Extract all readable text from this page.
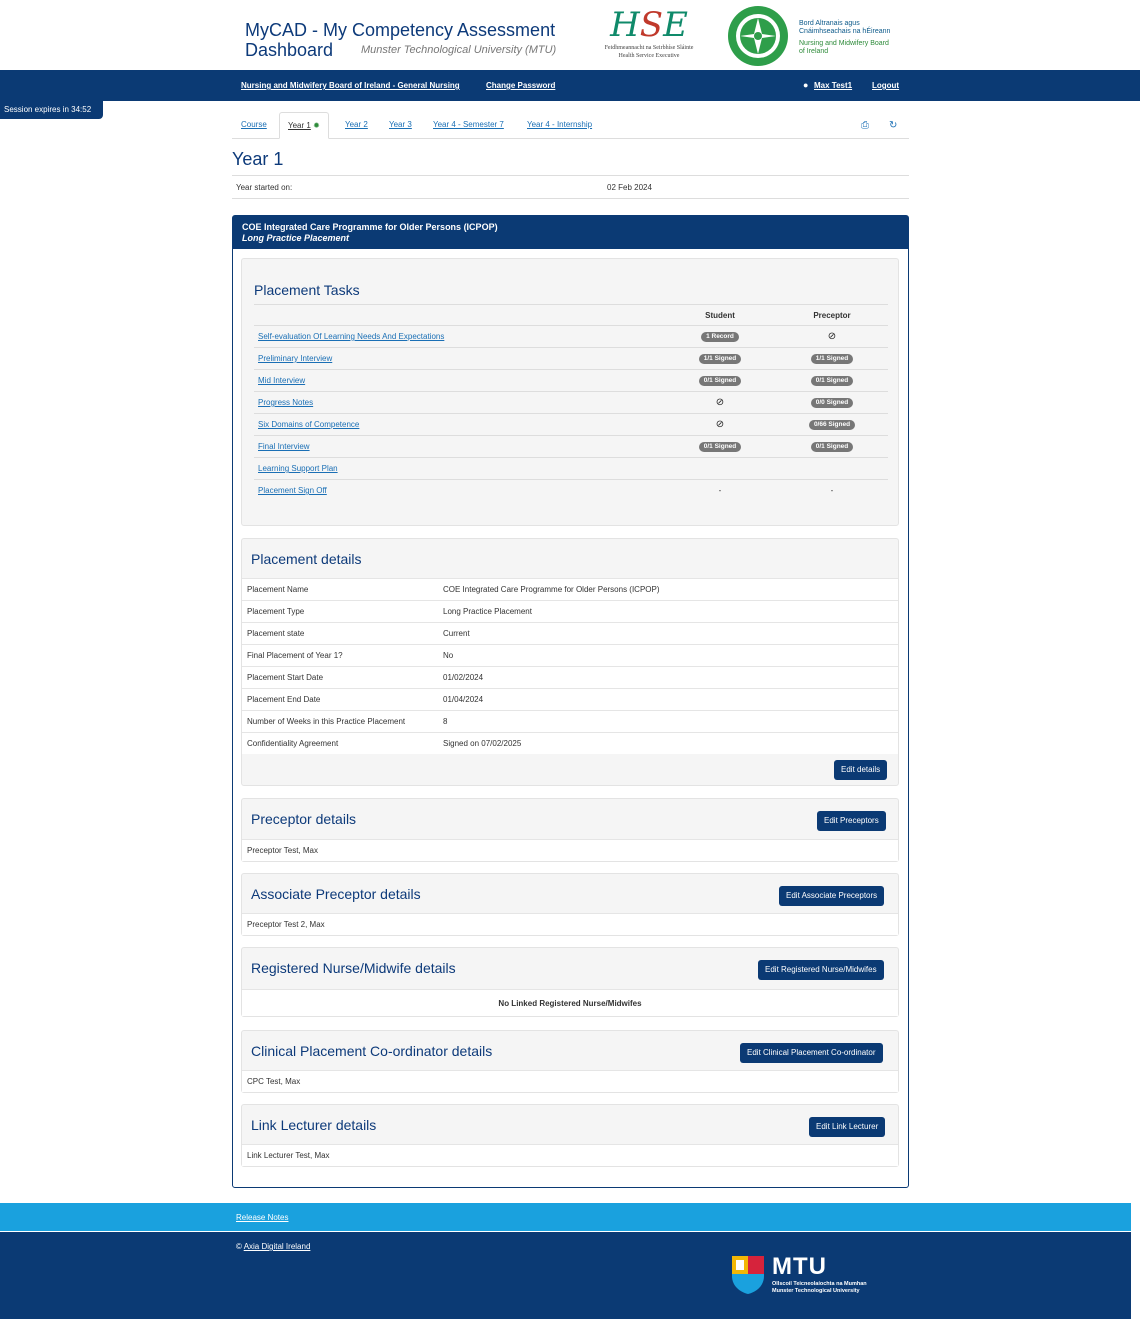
MyCAD - My Competency Assessment
Dashboard	Munster Technological University (MTU)
HSE
Feidhmeannacht na Seirbhíse Sláinte
Health Service Executive
Bord Altranais agus
Cnáimhseachais na hÉireann
Nursing and Midwifery Board
of Ireland
Nursing and Midwifery Board of Ireland - General Nursing	Change Password	● Max Test1 Logout
Session expires in 34:52
Course	Year 1 ✹	Year 2	Year 3	Year 4 - Semester 7	Year 4 - Internship	⎙ ↻
Year 1
Year started on:	02 Feb 2024
COE Integrated Care Programme for Older Persons (ICPOP)
Long Practice Placement
Placement Tasks
	Student	Preceptor
Self-evaluation Of Learning Needs And Expectations	1 Record	⊘
Preliminary Interview	1/1 Signed	1/1 Signed
Mid Interview	0/1 Signed	0/1 Signed
Progress Notes	⊘	0/0 Signed
Six Domains of Competence	⊘	0/66 Signed
Final Interview	0/1 Signed	0/1 Signed
Learning Support Plan		
Placement Sign Off	-	-
Placement details
Placement Name	COE Integrated Care Programme for Older Persons (ICPOP)
Placement Type	Long Practice Placement
Placement state	Current
Final Placement of Year 1?	No
Placement Start Date	01/02/2024
Placement End Date	01/04/2024
Number of Weeks in this Practice Placement	8
Confidentiality Agreement	Signed on 07/02/2025
Edit details
Preceptor details	Edit Preceptors
Preceptor Test, Max
Associate Preceptor details	Edit Associate Preceptors
Preceptor Test 2, Max
Registered Nurse/Midwife details	Edit Registered Nurse/Midwifes
No Linked Registered Nurse/Midwifes
Clinical Placement Co-ordinator details	Edit Clinical Placement Co-ordinator
CPC Test, Max
Link Lecturer details	Edit Link Lecturer
Link Lecturer Test, Max
Release Notes
© Axia Digital Ireland
MTU
Ollscoil Teicneolaíochta na Mumhan
Munster Technological University
